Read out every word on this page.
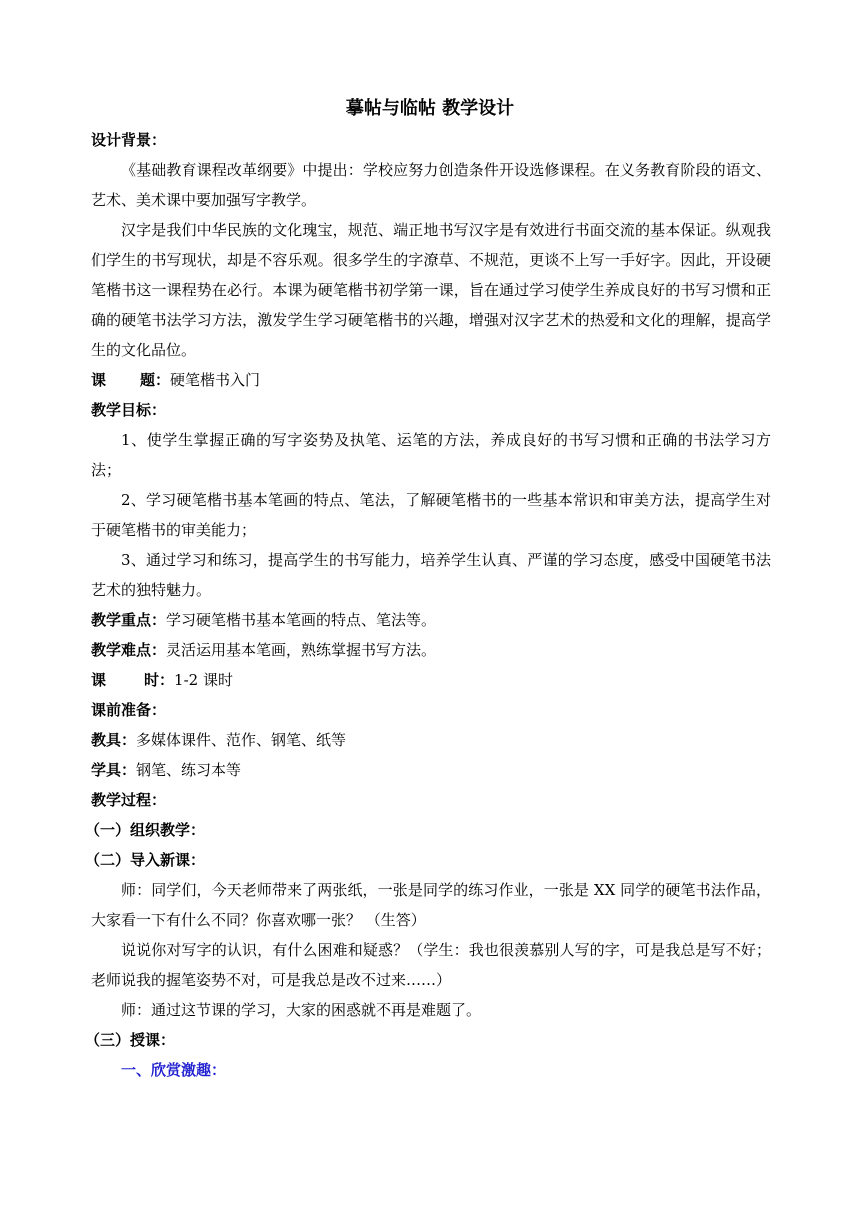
摹帖与临帖 教学设计

设计背景：

《基础教育课程改革纲要》中提出：学校应努力创造条件开设选修课程。在义务教育阶段的语文、艺术、美术课中要加强写字教学。

汉字是我们中华民族的文化瑰宝，规范、端正地书写汉字是有效进行书面交流的基本保证。纵观我们学生的书写现状，却是不容乐观。很多学生的字潦草、不规范，更谈不上写一手好字。因此，开设硬笔楷书这一课程势在必行。本课为硬笔楷书初学第一课，旨在通过学习使学生养成良好的书写习惯和正确的硬笔书法学习方法，激发学生学习硬笔楷书的兴趣，增强对汉字艺术的热爱和文化的理解，提高学生的文化品位。

课 题：硬笔楷书入门

教学目标：

1、使学生掌握正确的写字姿势及执笔、运笔的方法，养成良好的书写习惯和正确的书法学习方法；

2、学习硬笔楷书基本笔画的特点、笔法，了解硬笔楷书的一些基本常识和审美方法，提高学生对于硬笔楷书的审美能力；

3、通过学习和练习，提高学生的书写能力，培养学生认真、严谨的学习态度，感受中国硬笔书法艺术的独特魅力。

教学重点：学习硬笔楷书基本笔画的特点、笔法等。

教学难点：灵活运用基本笔画，熟练掌握书写方法。

课	时：1-2 课时

课前准备：

教具：多媒体课件、范作、钢笔、纸等

学具：钢笔、练习本等

教学过程：

（一）组织教学：

（二）导入新课：

师：同学们，今天老师带来了两张纸，一张是同学的练习作业，一张是 XX 同学的硬笔书法作品，大家看一下有什么不同？你喜欢哪一张？ （生答）

说说你对写字的认识，有什么困难和疑惑？（学生：我也很羡慕别人写的字，可是我总是写不好；老师说我的握笔姿势不对，可是我总是改不过来……）

师：通过这节课的学习，大家的困惑就不再是难题了。

（三）授课：

一、欣赏激趣：
